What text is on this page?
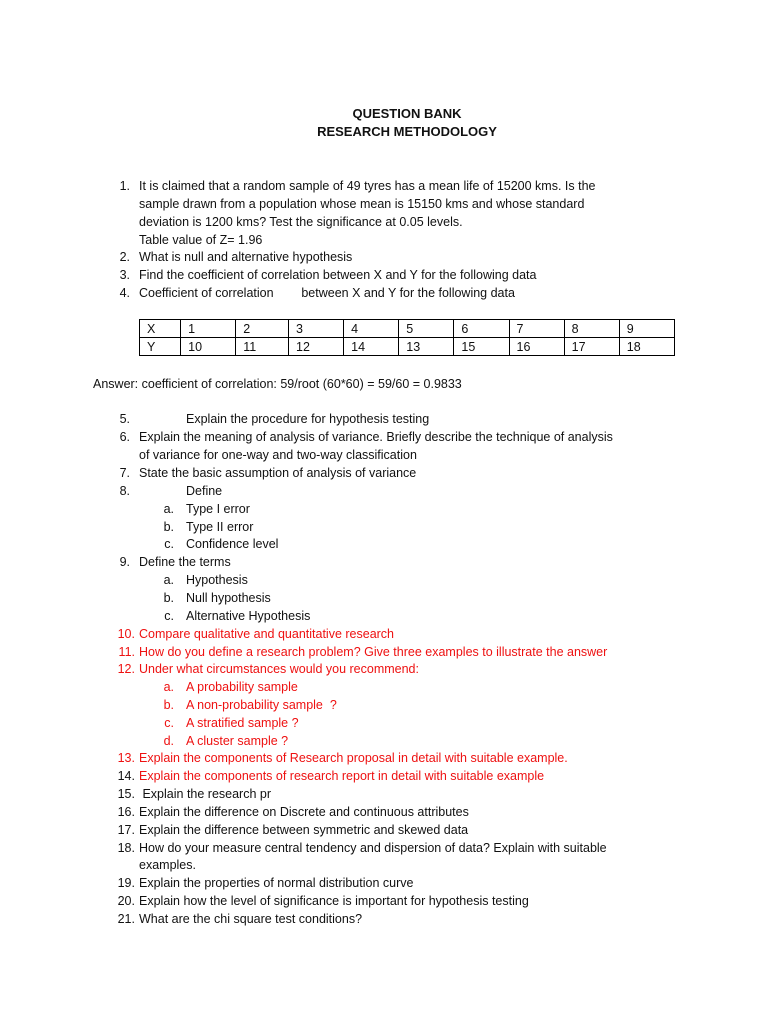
QUESTION BANK
RESEARCH METHODOLOGY
1. It is claimed that a random sample of 49 tyres has a mean life of 15200 kms. Is the
sample drawn from a population whose mean is 15150 kms and whose standard
deviation is 1200 kms? Test the significance at 0.05 levels.
Table value of Z= 1.96
2. What is null and alternative hypothesis
3. Find the coefficient of correlation between X and Y for the following data
4. Coefficient of correlation        between X and Y for the following data
X	1	2	3	4	5	6	7	8	9
Y	10	11	12	14	13	15	16	17	18
Answer: coefficient of correlation: 59/root (60*60) = 59/60 = 0.9833
5.	Explain the procedure for hypothesis testing
6. Explain the meaning of analysis of variance. Briefly describe the technique of analysis
of variance for one-way and two-way classification
7. State the basic assumption of analysis of variance
8.	Define
a. Type I error
b. Type II error
c. Confidence level
9. Define the terms
a. Hypothesis
b. Null hypothesis
c. Alternative Hypothesis
10. Compare qualitative and quantitative research
11. How do you define a research problem? Give three examples to illustrate the answer
12. Under what circumstances would you recommend:
a. A probability sample
b. A non-probability sample  ?
c. A stratified sample ?
d. A cluster sample ?
13. Explain the components of Research proposal in detail with suitable example.
14. Explain the components of research report in detail with suitable example
15. Explain the research pr
16. Explain the difference on Discrete and continuous attributes
17. Explain the difference between symmetric and skewed data
18. How do your measure central tendency and dispersion of data? Explain with suitable
examples.
19. Explain the properties of normal distribution curve
20. Explain how the level of significance is important for hypothesis testing
21. What are the chi square test conditions?
